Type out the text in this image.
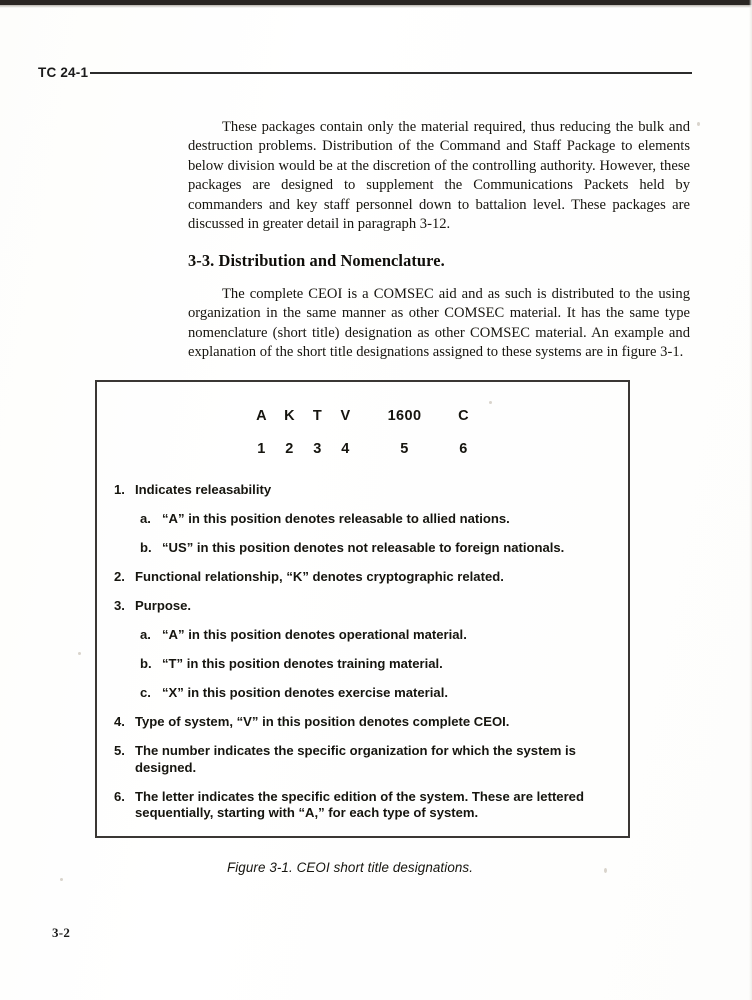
TC 24-1

These packages contain only the material required, thus reducing the bulk and destruction problems. Distribution of the Command and Staff Package to elements below division would be at the discretion of the controlling authority. However, these packages are designed to supplement the Communications Packets held by commanders and key staff personnel down to battalion level. These packages are discussed in greater detail in paragraph 3-12.

3-3. Distribution and Nomenclature.

The complete CEOI is a COMSEC aid and as such is distributed to the using organization in the same manner as other COMSEC material. It has the same type nomenclature (short title) designation as other COMSEC material. An example and explanation of the short title designations assigned to these systems are in figure 3-1.

A	K	T	V	1600	C
1	2	3	4	5	6
1. Indicates releasability
a. “A” in this position denotes releasable to allied nations.
b. “US” in this position denotes not releasable to foreign nationals.
2. Functional relationship, “K” denotes cryptographic related.
3. Purpose.
a. “A” in this position denotes operational material.
b. “T” in this position denotes training material.
c. “X” in this position denotes exercise material.
4. Type of system, “V” in this position denotes complete CEOI.
5. The number indicates the specific organization for which the system is designed.
6. The letter indicates the specific edition of the system. These are lettered sequentially, starting with “A,” for each type of system.
Figure 3-1. CEOI short title designations.
3-2
